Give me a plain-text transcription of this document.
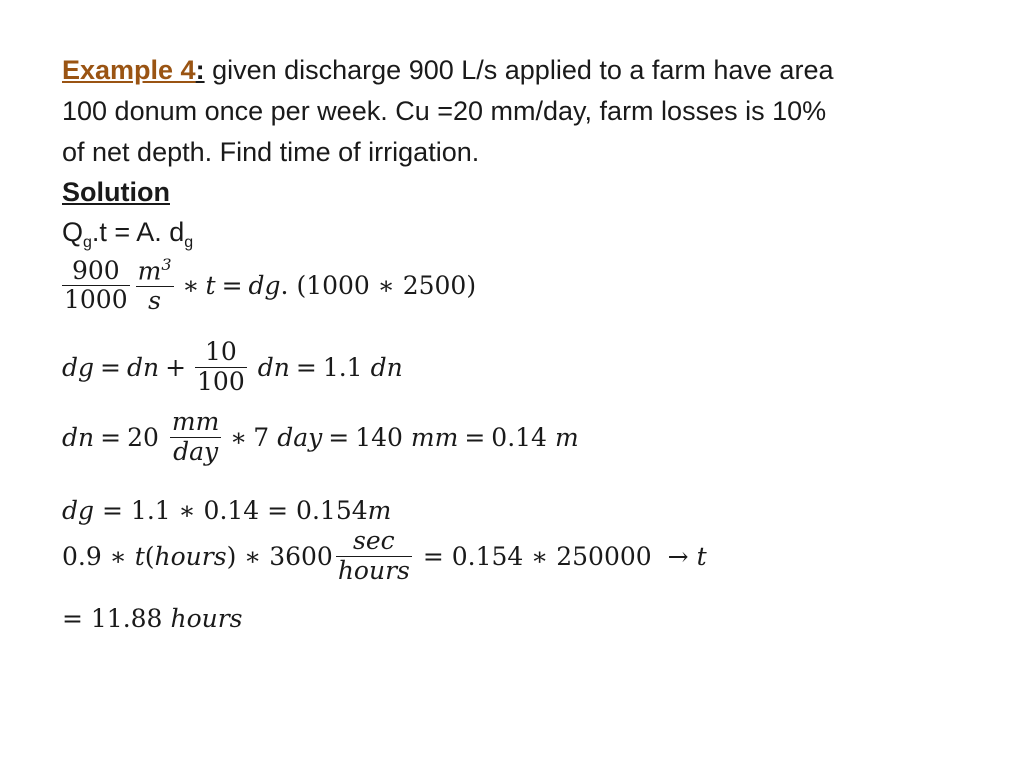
Example 4: given discharge 900 L/s applied to a farm have area
100 donum once per week. Cu =20 mm/day, farm losses is 10%
of net depth. Find time of irrigation.
Solution
$Q_g.t = A$. $d_g$
$\frac{900}{1000} \frac{m^3}{s}$ ∗ t = dg . (1000 ∗ 2500)
dg = dn + $\frac{10}{100}$ dn = 1.1 dn
dn = $20 \frac{mm}{\text{day}}$ ∗ 7 day = 140 mm = 0.14 m
dg = 1.1 ∗ 0.14 = 0.154 m
0.9 ∗ t ( hours ) ∗ $3600 \frac{\sec}{\text{hours}} = 0.154$ ∗ 250000 → t
= 11.88 hours
